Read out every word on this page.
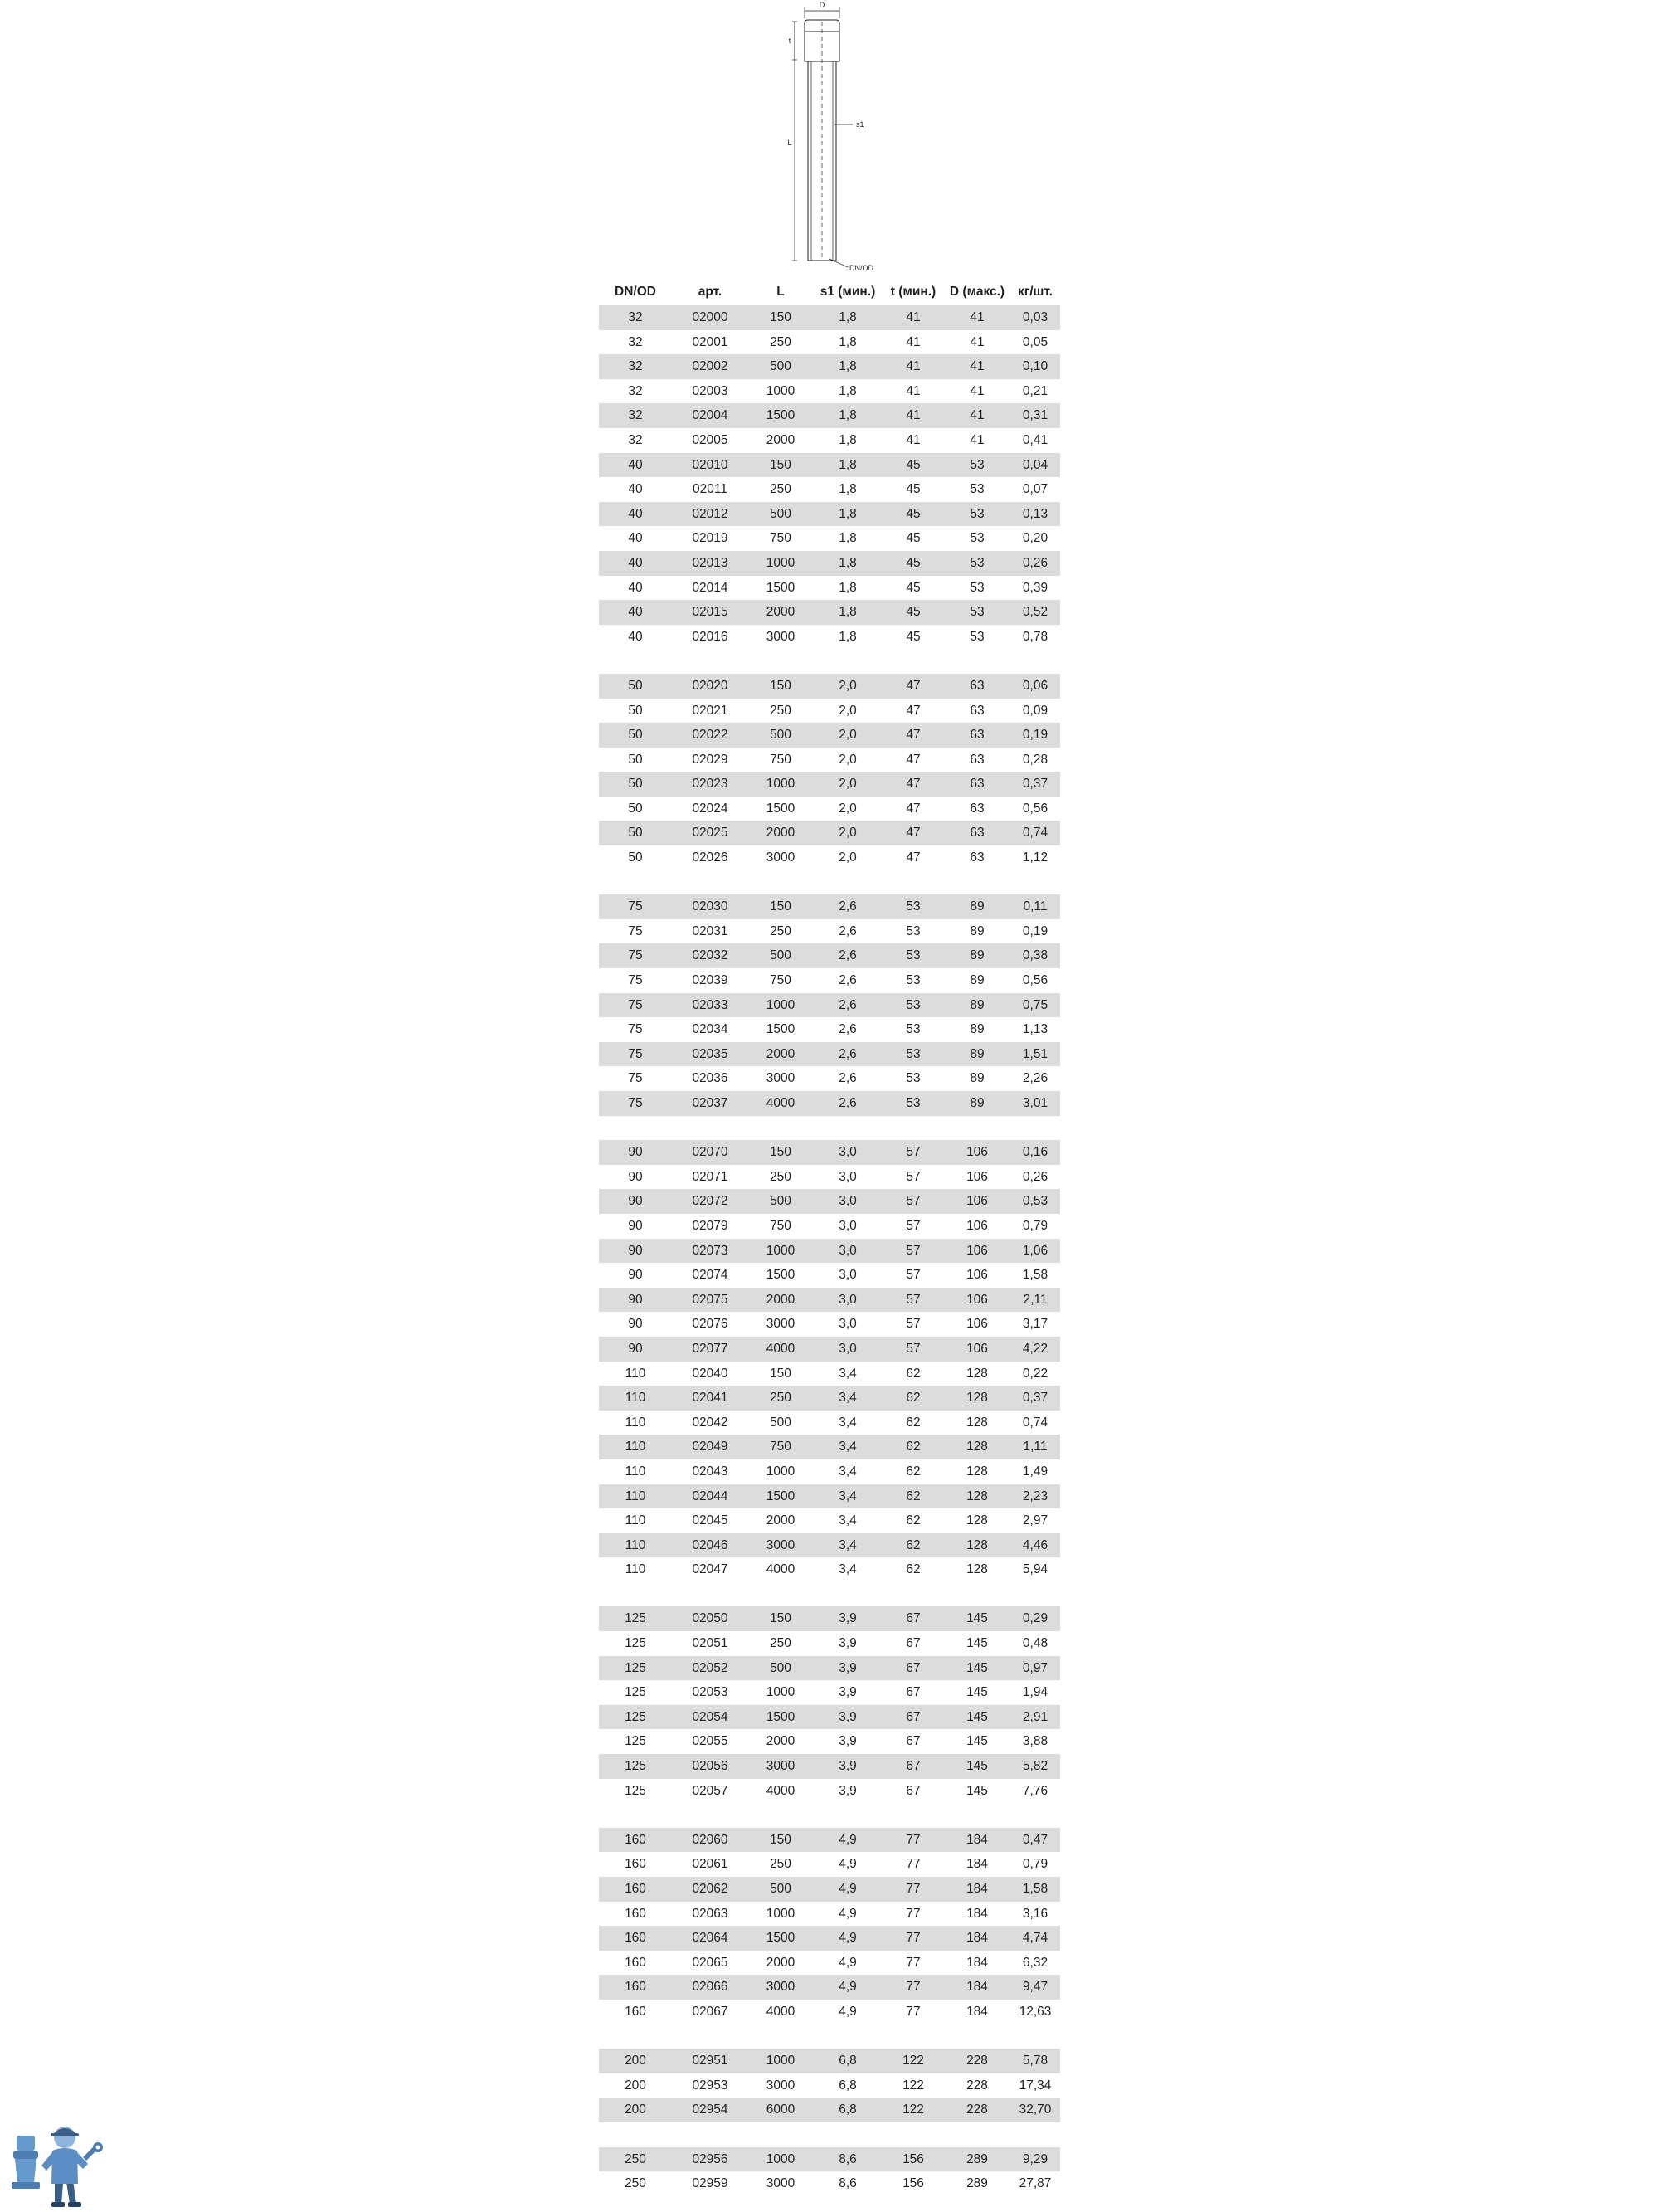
D
t
L
s1
DN/OD
DN/OD	арт.	L	s1 (мин.)	t (мин.)	D (макс.)	кг/шт.
32	02000	150	1,8	41	41	0,03
32	02001	250	1,8	41	41	0,05
32	02002	500	1,8	41	41	0,10
32	02003	1000	1,8	41	41	0,21
32	02004	1500	1,8	41	41	0,31
32	02005	2000	1,8	41	41	0,41
40	02010	150	1,8	45	53	0,04
40	02011	250	1,8	45	53	0,07
40	02012	500	1,8	45	53	0,13
40	02019	750	1,8	45	53	0,20
40	02013	1000	1,8	45	53	0,26
40	02014	1500	1,8	45	53	0,39
40	02015	2000	1,8	45	53	0,52
40	02016	3000	1,8	45	53	0,78

50	02020	150	2,0	47	63	0,06
50	02021	250	2,0	47	63	0,09
50	02022	500	2,0	47	63	0,19
50	02029	750	2,0	47	63	0,28
50	02023	1000	2,0	47	63	0,37
50	02024	1500	2,0	47	63	0,56
50	02025	2000	2,0	47	63	0,74
50	02026	3000	2,0	47	63	1,12

75	02030	150	2,6	53	89	0,11
75	02031	250	2,6	53	89	0,19
75	02032	500	2,6	53	89	0,38
75	02039	750	2,6	53	89	0,56
75	02033	1000	2,6	53	89	0,75
75	02034	1500	2,6	53	89	1,13
75	02035	2000	2,6	53	89	1,51
75	02036	3000	2,6	53	89	2,26
75	02037	4000	2,6	53	89	3,01

90	02070	150	3,0	57	106	0,16
90	02071	250	3,0	57	106	0,26
90	02072	500	3,0	57	106	0,53
90	02079	750	3,0	57	106	0,79
90	02073	1000	3,0	57	106	1,06
90	02074	1500	3,0	57	106	1,58
90	02075	2000	3,0	57	106	2,11
90	02076	3000	3,0	57	106	3,17
90	02077	4000	3,0	57	106	4,22
110	02040	150	3,4	62	128	0,22
110	02041	250	3,4	62	128	0,37
110	02042	500	3,4	62	128	0,74
110	02049	750	3,4	62	128	1,11
110	02043	1000	3,4	62	128	1,49
110	02044	1500	3,4	62	128	2,23
110	02045	2000	3,4	62	128	2,97
110	02046	3000	3,4	62	128	4,46
110	02047	4000	3,4	62	128	5,94

125	02050	150	3,9	67	145	0,29
125	02051	250	3,9	67	145	0,48
125	02052	500	3,9	67	145	0,97
125	02053	1000	3,9	67	145	1,94
125	02054	1500	3,9	67	145	2,91
125	02055	2000	3,9	67	145	3,88
125	02056	3000	3,9	67	145	5,82
125	02057	4000	3,9	67	145	7,76

160	02060	150	4,9	77	184	0,47
160	02061	250	4,9	77	184	0,79
160	02062	500	4,9	77	184	1,58
160	02063	1000	4,9	77	184	3,16
160	02064	1500	4,9	77	184	4,74
160	02065	2000	4,9	77	184	6,32
160	02066	3000	4,9	77	184	9,47
160	02067	4000	4,9	77	184	12,63

200	02951	1000	6,8	122	228	5,78
200	02953	3000	6,8	122	228	17,34
200	02954	6000	6,8	122	228	32,70

250	02956	1000	8,6	156	289	9,29
250	02959	3000	8,6	156	289	27,87
